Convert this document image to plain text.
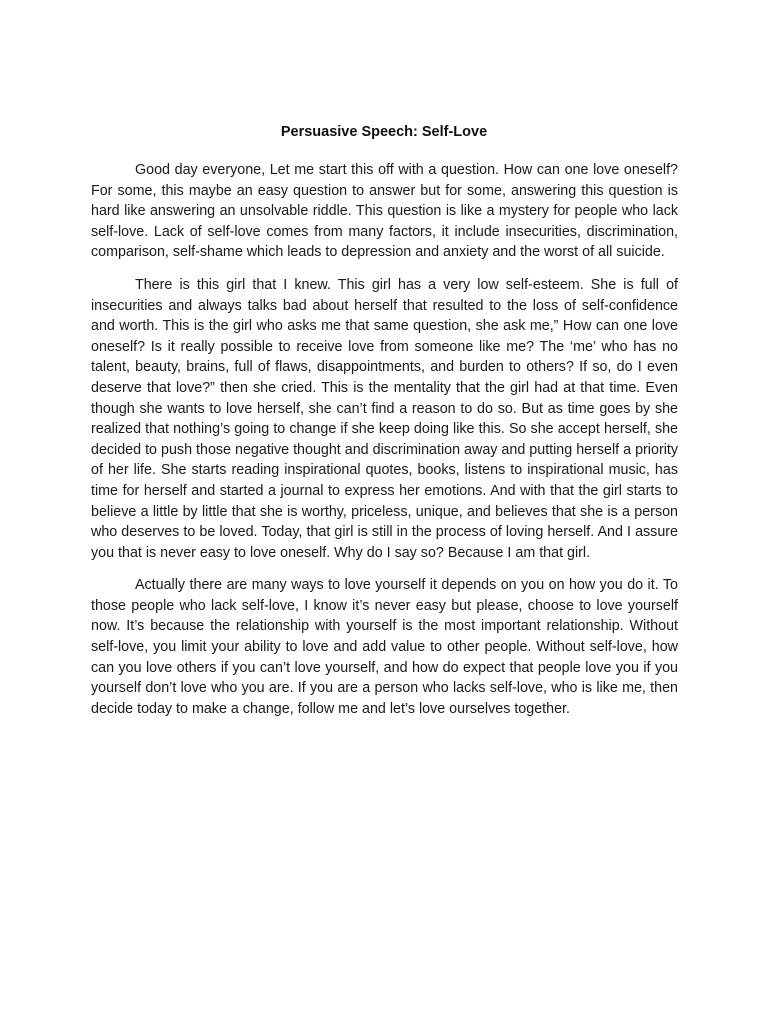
Persuasive Speech: Self-Love

Good day everyone, Let me start this off with a question. How can one love oneself? For some, this maybe an easy question to answer but for some, answering this question is hard like answering an unsolvable riddle. This question is like a mystery for people who lack self-love. Lack of self-love comes from many factors, it include insecurities, discrimination, comparison, self-shame which leads to depression and anxiety and the worst of all suicide.

There is this girl that I knew. This girl has a very low self-esteem. She is full of insecurities and always talks bad about herself that resulted to the loss of self-confidence and worth. This is the girl who asks me that same question, she ask me,” How can one love oneself? Is it really possible to receive love from someone like me? The ‘me’ who has no talent, beauty, brains, full of flaws, disappointments, and burden to others? If so, do I even deserve that love?” then she cried. This is the mentality that the girl had at that time. Even though she wants to love herself, she can’t find a reason to do so. But as time goes by she realized that nothing’s going to change if she keep doing like this. So she accept herself, she decided to push those negative thought and discrimination away and putting herself a priority of her life. She starts reading inspirational quotes, books, listens to inspirational music, has time for herself and started a journal to express her emotions. And with that the girl starts to believe a little by little that she is worthy, priceless, unique, and believes that she is a person who deserves to be loved. Today, that girl is still in the process of loving herself. And I assure you that is never easy to love oneself. Why do I say so? Because I am that girl.

Actually there are many ways to love yourself it depends on you on how you do it. To those people who lack self-love, I know it’s never easy but please, choose to love yourself now. It’s because the relationship with yourself is the most important relationship. Without self-love, you limit your ability to love and add value to other people. Without self-love, how can you love others if you can’t love yourself, and how do expect that people love you if you yourself don’t love who you are. If you are a person who lacks self-love, who is like me, then decide today to make a change, follow me and let’s love ourselves together.
